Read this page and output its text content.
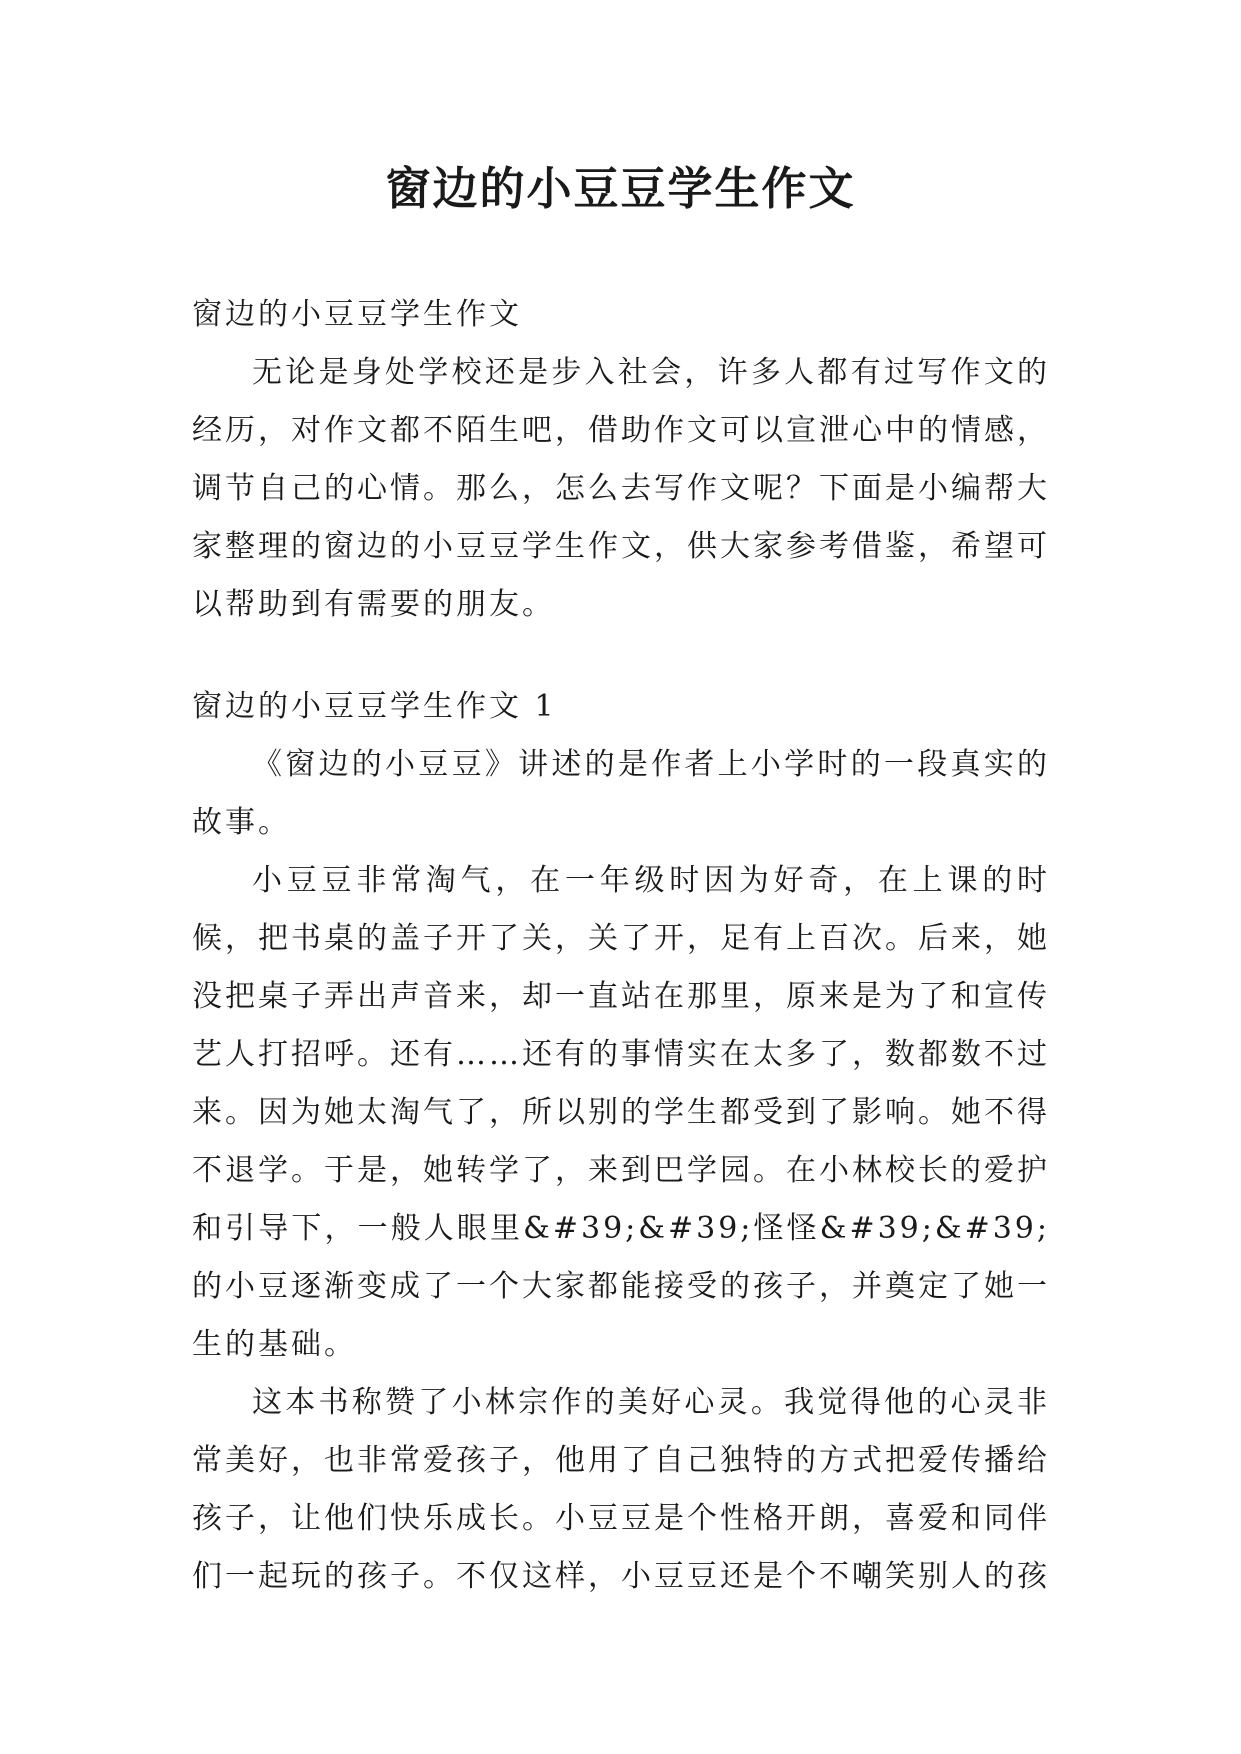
窗边的小豆豆学生作文

窗边的小豆豆学生作文

无论是身处学校还是步入社会，许多人都有过写作文的经历，对作文都不陌生吧，借助作文可以宣泄心中的情感，调节自己的心情。那么，怎么去写作文呢？下面是小编帮大家整理的窗边的小豆豆学生作文，供大家参考借鉴，希望可以帮助到有需要的朋友。

窗边的小豆豆学生作文 1

《窗边的小豆豆》讲述的是作者上小学时的一段真实的故事。

小豆豆非常淘气，在一年级时因为好奇，在上课的时候，把书桌的盖子开了关，关了开，足有上百次。后来，她没把桌子弄出声音来，却一直站在那里，原来是为了和宣传艺人打招呼。还有……还有的事情实在太多了，数都数不过来。因为她太淘气了，所以别的学生都受到了影响。她不得不退学。于是，她转学了，来到巴学园。在小林校长的爱护和引导下，一般人眼里&#39;&#39;怪怪&#39;&#39;的小豆逐渐变成了一个大家都能接受的孩子，并奠定了她一生的基础。

这本书称赞了小林宗作的美好心灵。我觉得他的心灵非常美好，也非常爱孩子，他用了自己独特的方式把爱传播给孩子，让他们快乐成长。小豆豆是个性格开朗，喜爱和同伴们一起玩的孩子。不仅这样，小豆豆还是个不嘲笑别人的孩
